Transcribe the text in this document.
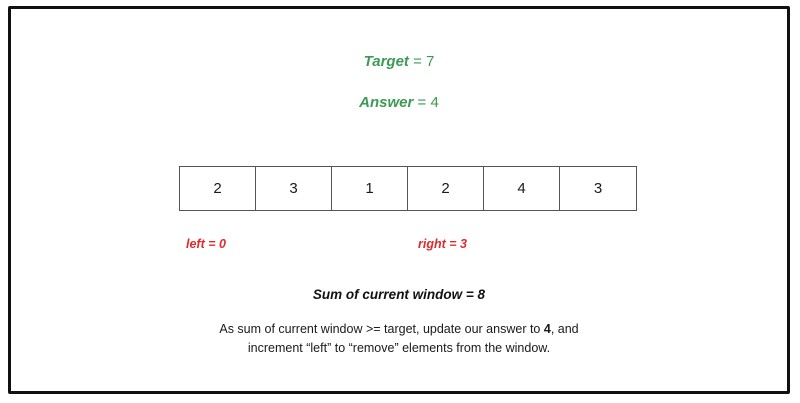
Target = 7
Answer = 4
2	3	1	2	4	3
left = 0	right = 3
Sum of current window = 8
As sum of current window >= target, update our answer to 4, and
increment “left” to “remove” elements from the window.
